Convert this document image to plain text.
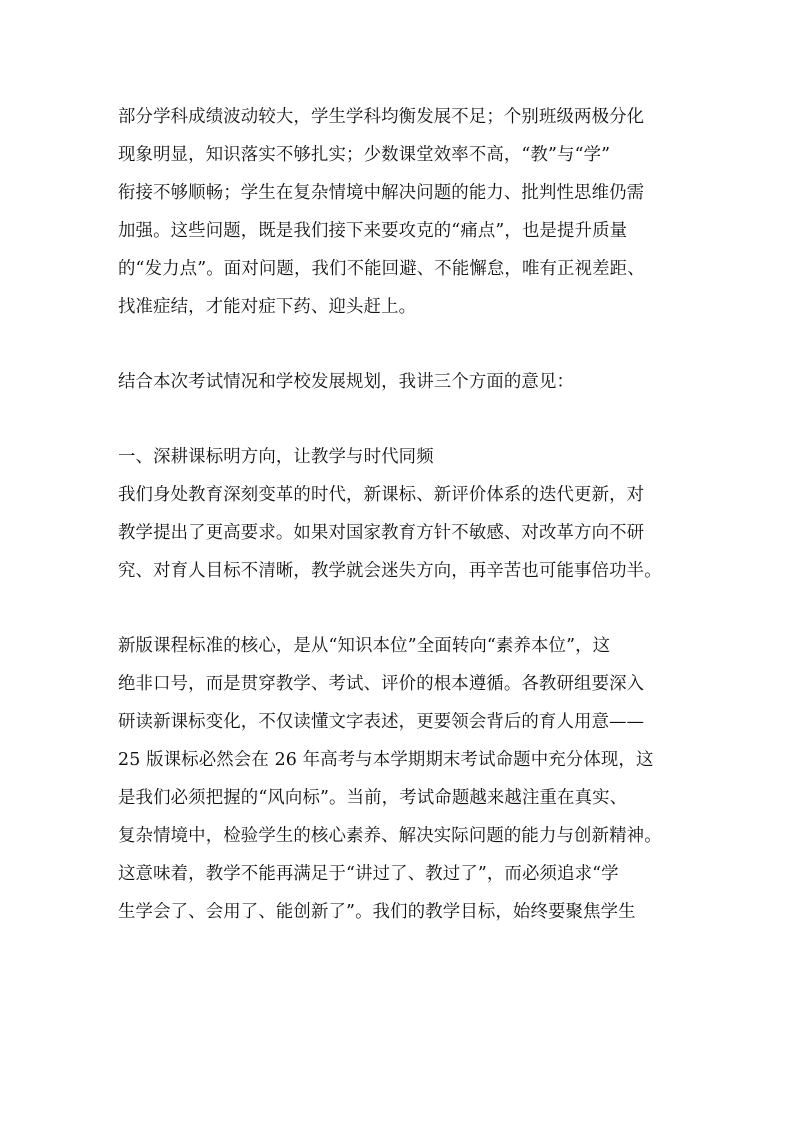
部分学科成绩波动较大，学生学科均衡发展不足；个别班级两极分化
现象明显，知识落实不够扎实；少数课堂效率不高，“教”与“学”
衔接不够顺畅；学生在复杂情境中解决问题的能力、批判性思维仍需
加强。这些问题，既是我们接下来要攻克的“痛点”，也是提升质量
的“发力点”。面对问题，我们不能回避、不能懈怠，唯有正视差距、
找准症结，才能对症下药、迎头赶上。
结合本次考试情况和学校发展规划，我讲三个方面的意见：
一、深耕课标明方向，让教学与时代同频
我们身处教育深刻变革的时代，新课标、新评价体系的迭代更新，对
教学提出了更高要求。如果对国家教育方针不敏感、对改革方向不研
究、对育人目标不清晰，教学就会迷失方向，再辛苦也可能事倍功半。
新版课程标准的核心，是从“知识本位”全面转向“素养本位”，这
绝非口号，而是贯穿教学、考试、评价的根本遵循。各教研组要深入
研读新课标变化，不仅读懂文字表述，更要领会背后的育人用意——
25 版课标必然会在 26 年高考与本学期期末考试命题中充分体现，这
是我们必须把握的“风向标”。当前，考试命题越来越注重在真实、
复杂情境中，检验学生的核心素养、解决实际问题的能力与创新精神。
这意味着，教学不能再满足于“讲过了、教过了”，而必须追求“学
生学会了、会用了、能创新了”。我们的教学目标，始终要聚焦学生
